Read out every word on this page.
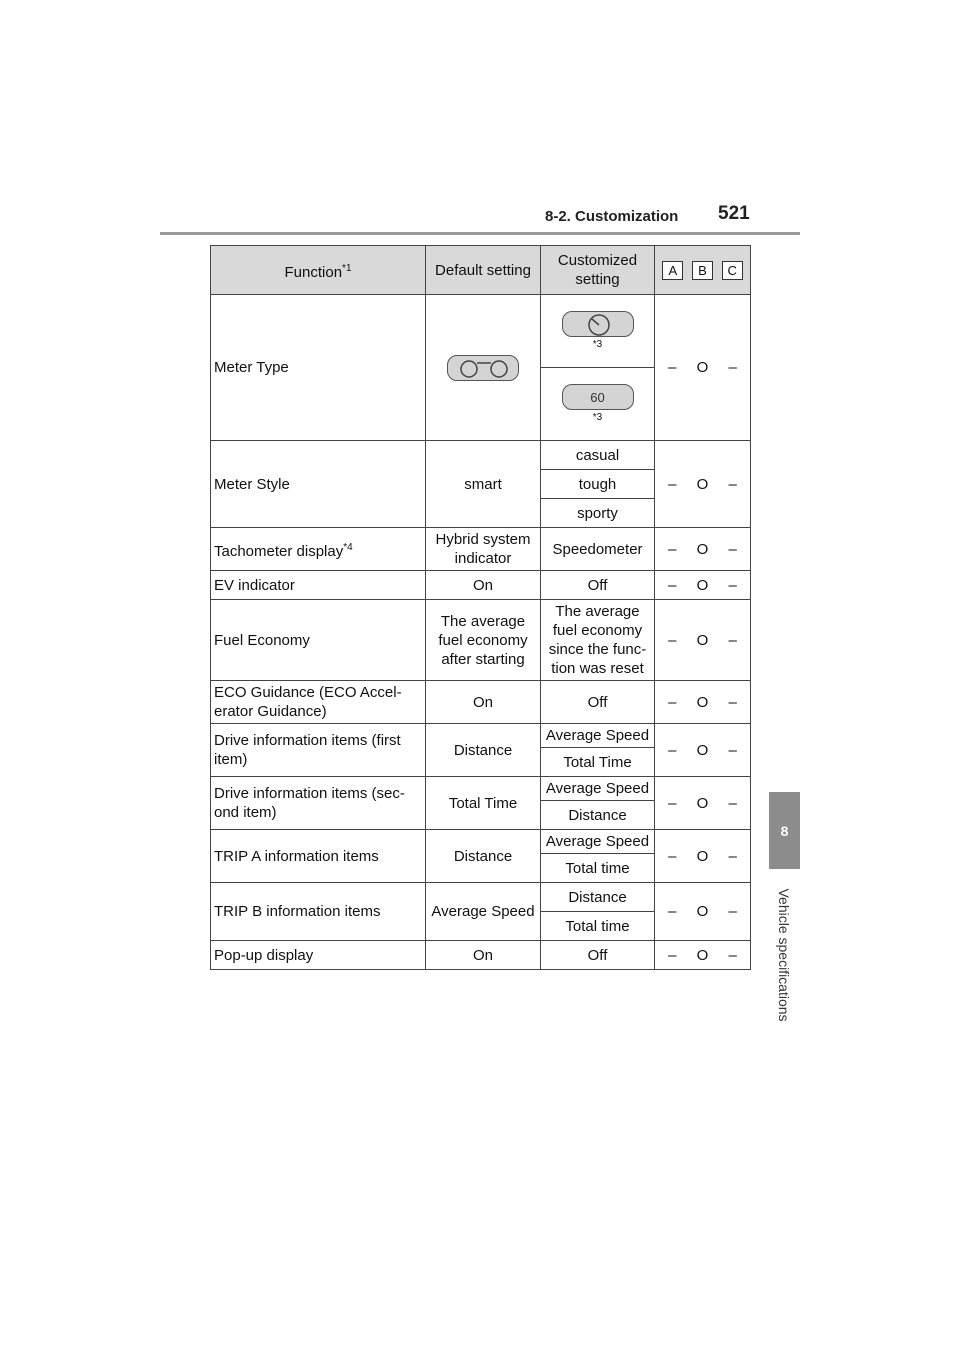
8-2. Customization 521
8
Vehicle specifications
Function$^{*1}$	Default setting	Customized setting	A B C

Meter Type		*3	– O –

		60
*3	

Meter Style	smart	casual	– O –

		tough	
		sporty	
Tachometer display$^{*4}$	Hybrid system indicator	Speedometer	– O –

EV indicator	On	Off	– O –

Fuel Economy	The average fuel economy after starting	The average fuel economy since the func- tion was reset	– O –

ECO Guidance (ECO Accel- erator Guidance)	On	Off	– O –

Drive information items (first item)	Distance	Average Speed	– O –

		Total Time	
Drive information items (sec- ond item)	Total Time	Average Speed	– O –

		Distance	
TRIP A information items	Distance	Average Speed	– O –

		Total time	
TRIP B information items	Average Speed	Distance	– O –

		Total time	
Pop-up display	On	Off	– O –
